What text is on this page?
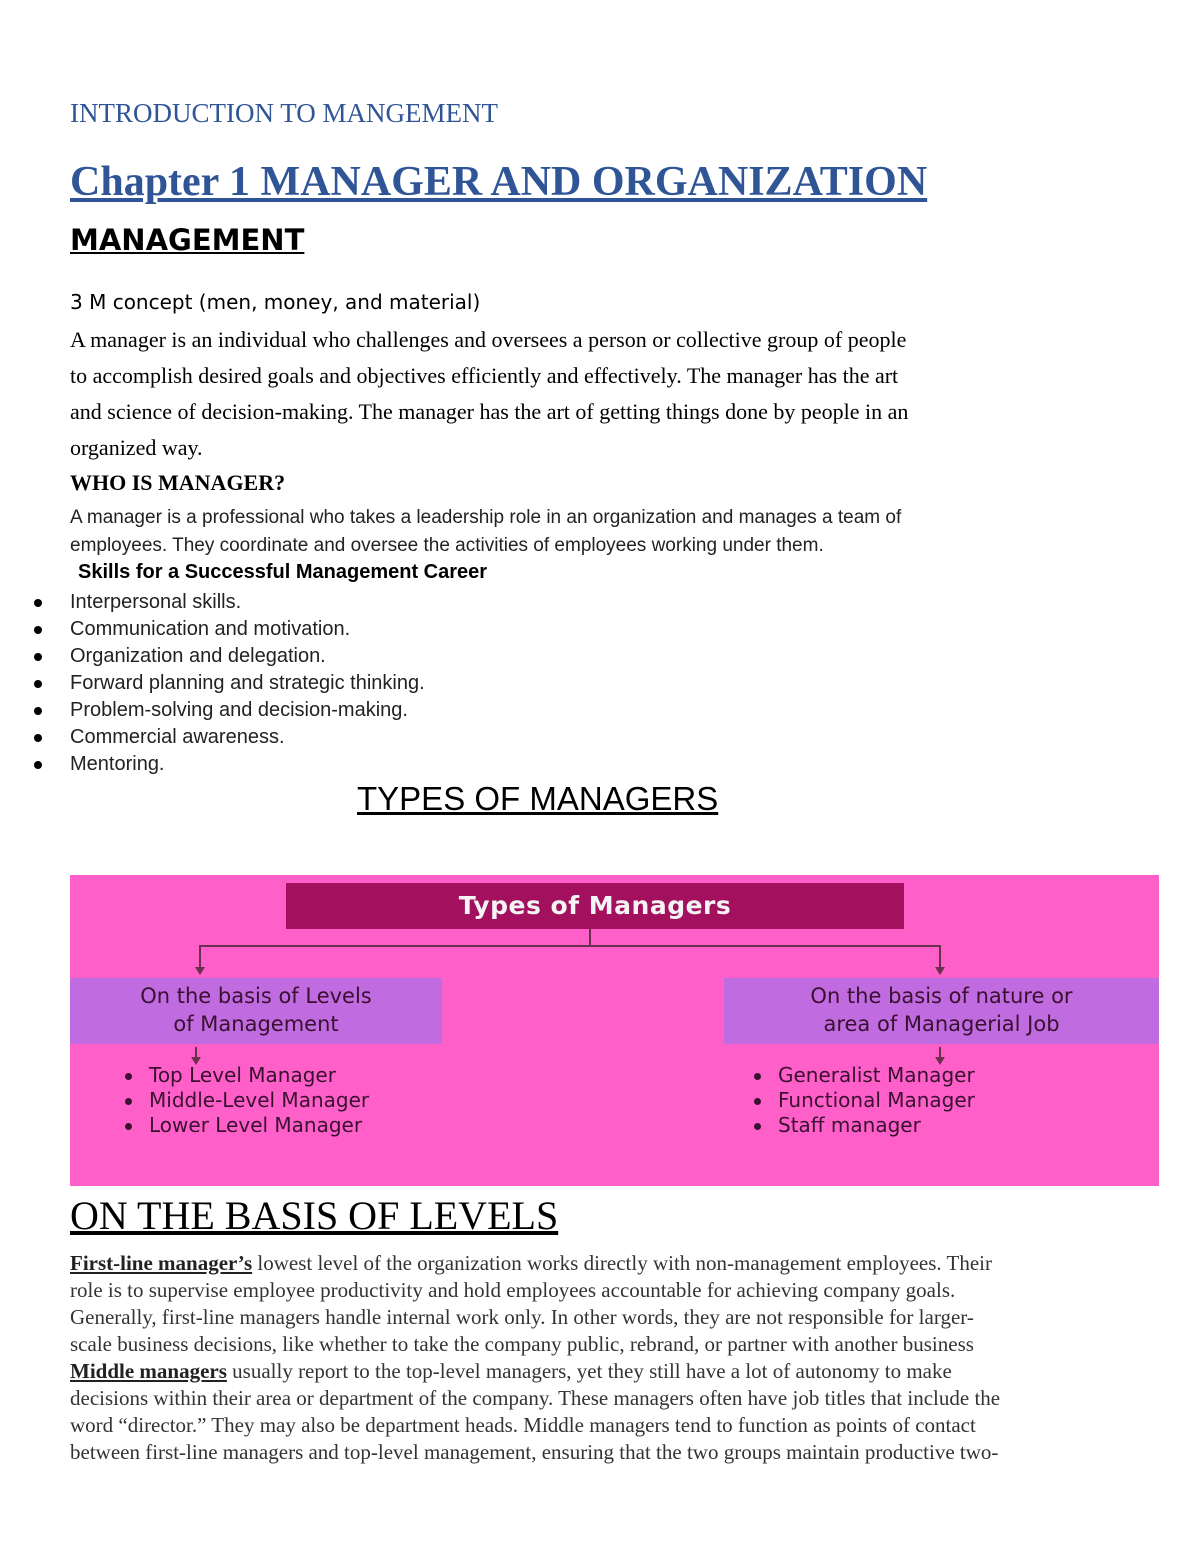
INTRODUCTION TO MANGEMENT
Chapter 1 MANAGER AND ORGANIZATION
MANAGEMENT
3 M concept (men, money, and material)
A manager is an individual who challenges and oversees a person or collective group of people
to accomplish desired goals and objectives efficiently and effectively. The manager has the art
and science of decision-making. The manager has the art of getting things done by people in an
organized way.
WHO IS MANAGER?
A manager is a professional who takes a leadership role in an organization and manages a team of
employees. They coordinate and oversee the activities of employees working under them.
Skills for a Successful Management Career
Interpersonal skills.
Communication and motivation.
Organization and delegation.
Forward planning and strategic thinking.
Problem-solving and decision-making.
Commercial awareness.
Mentoring.
TYPES OF MANAGERS
Types of Managers
On the basis of Levels
of Management
Top Level Manager
Middle-Level Manager
Lower Level Manager
On the basis of nature or
area of Managerial Job
Generalist Manager
Functional Manager
Staff manager
ON THE BASIS OF LEVELS
First-line manager’s lowest level of the organization works directly with non-management employees. Their
role is to supervise employee productivity and hold employees accountable for achieving company goals.
Generally, first-line managers handle internal work only. In other words, they are not responsible for larger-
scale business decisions, like whether to take the company public, rebrand, or partner with another business
Middle managers usually report to the top-level managers, yet they still have a lot of autonomy to make
decisions within their area or department of the company. These managers often have job titles that include the
word “director.” They may also be department heads. Middle managers tend to function as points of contact
between first-line managers and top-level management, ensuring that the two groups maintain productive two-
